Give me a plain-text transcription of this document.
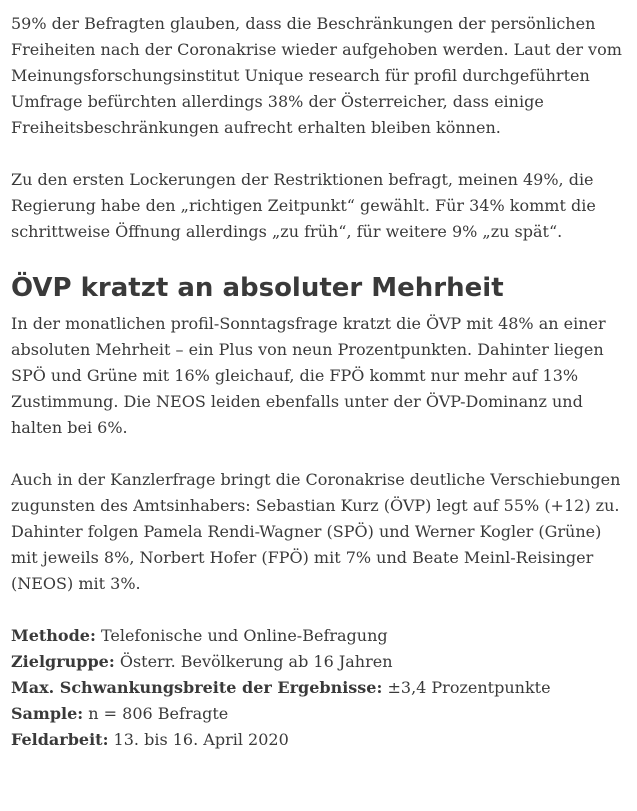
59% der Befragten glauben, dass die Beschränkungen der persönlichen Freiheiten nach der Coronakrise wieder aufgehoben werden. Laut der vom Meinungsforschungsinstitut Unique research für profil durchgeführten Umfrage befürchten allerdings 38% der Österreicher, dass einige Freiheitsbeschränkungen aufrecht erhalten bleiben können.

Zu den ersten Lockerungen der Restriktionen befragt, meinen 49%, die Regierung habe den „richtigen Zeitpunkt“ gewählt. Für 34% kommt die schrittweise Öffnung allerdings „zu früh“, für weitere 9% „zu spät“.

ÖVP kratzt an absoluter Mehrheit

In der monatlichen profil-Sonntagsfrage kratzt die ÖVP mit 48% an einer absoluten Mehrheit – ein Plus von neun Prozentpunkten. Dahinter liegen SPÖ und Grüne mit 16% gleichauf, die FPÖ kommt nur mehr auf 13% Zustimmung. Die NEOS leiden ebenfalls unter der ÖVP-Dominanz und halten bei 6%.

Auch in der Kanzlerfrage bringt die Coronakrise deutliche Verschiebungen zugunsten des Amtsinhabers: Sebastian Kurz (ÖVP) legt auf 55% (+12) zu. Dahinter folgen Pamela Rendi-Wagner (SPÖ) und Werner Kogler (Grüne) mit jeweils 8%, Norbert Hofer (FPÖ) mit 7% und Beate Meinl-Reisinger (NEOS) mit 3%.

Methode: Telefonische und Online-Befragung
Zielgruppe: Österr. Bevölkerung ab 16 Jahren
Max. Schwankungsbreite der Ergebnisse: ±3,4 Prozentpunkte
Sample: n = 806 Befragte
Feldarbeit: 13. bis 16. April 2020
